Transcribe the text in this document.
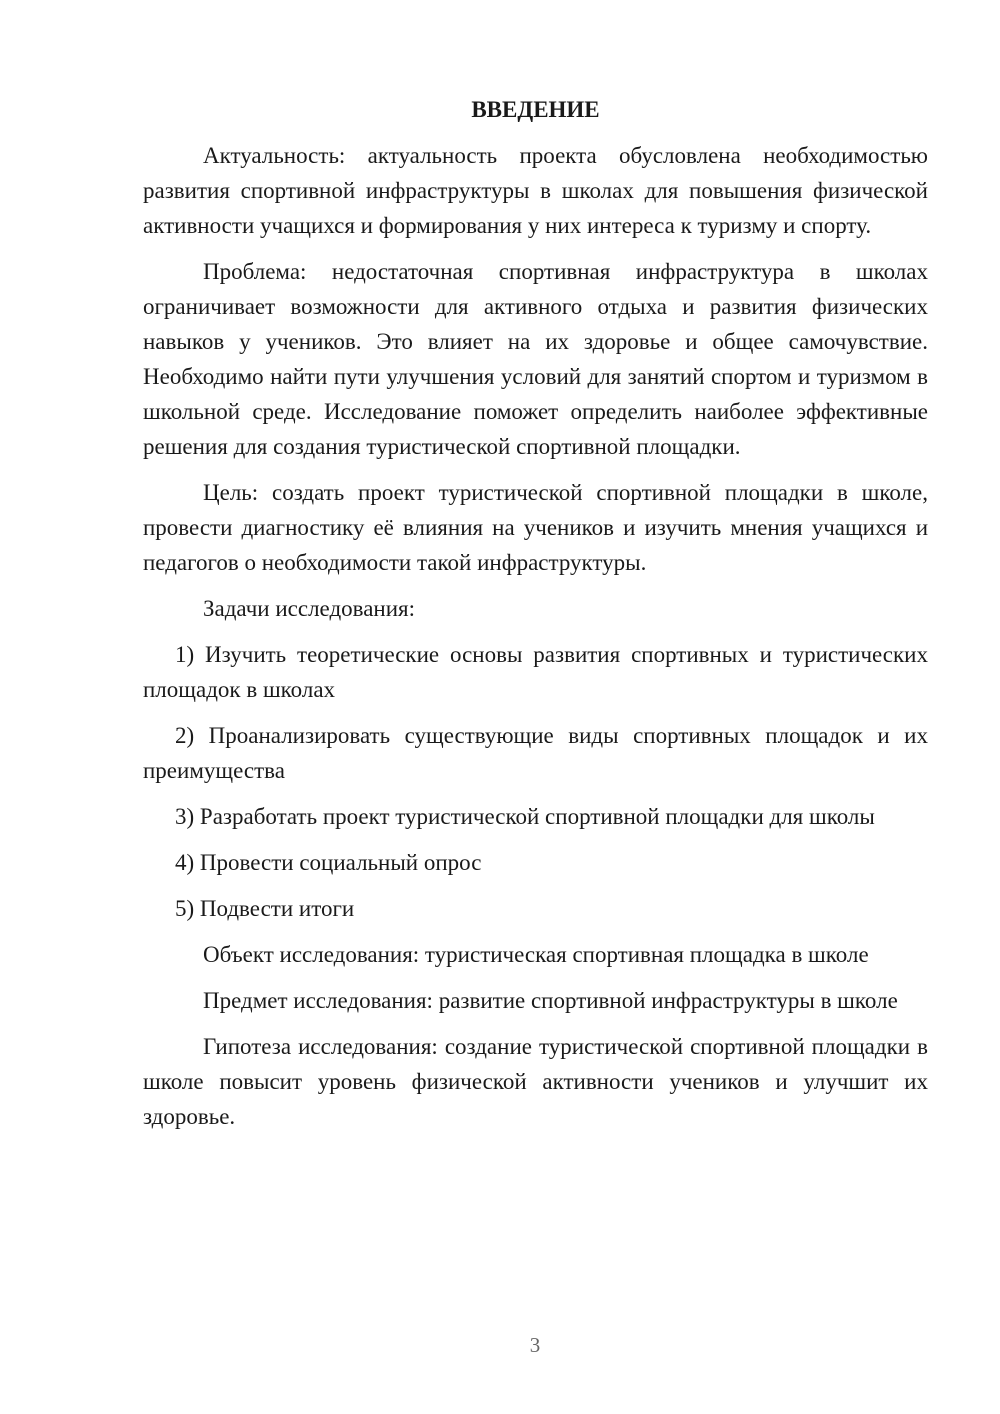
ВВЕДЕНИЕ

Актуальность: актуальность проекта обусловлена необходимостью развития спортивной инфраструктуры в школах для повышения физической активности учащихся и формирования у них интереса к туризму и спорту.

Проблема: недостаточная спортивная инфраструктура в школах ограничивает возможности для активного отдыха и развития физических навыков у учеников. Это влияет на их здоровье и общее самочувствие. Необходимо найти пути улучшения условий для занятий спортом и туризмом в школьной среде. Исследование поможет определить наиболее эффективные решения для создания туристической спортивной площадки.

Цель: создать проект туристической спортивной площадки в школе, провести диагностику её влияния на учеников и изучить мнения учащихся и педагогов о необходимости такой инфраструктуры.

Задачи исследования:

1) Изучить теоретические основы развития спортивных и туристических площадок в школах

2) Проанализировать существующие виды спортивных площадок и их преимущества

3) Разработать проект туристической спортивной площадки для школы

4) Провести социальный опрос

5) Подвести итоги

Объект исследования: туристическая спортивная площадка в школе

Предмет исследования: развитие спортивной инфраструктуры в школе

Гипотеза исследования: создание туристической спортивной площадки в школе повысит уровень физической активности учеников и улучшит их здоровье.

3
